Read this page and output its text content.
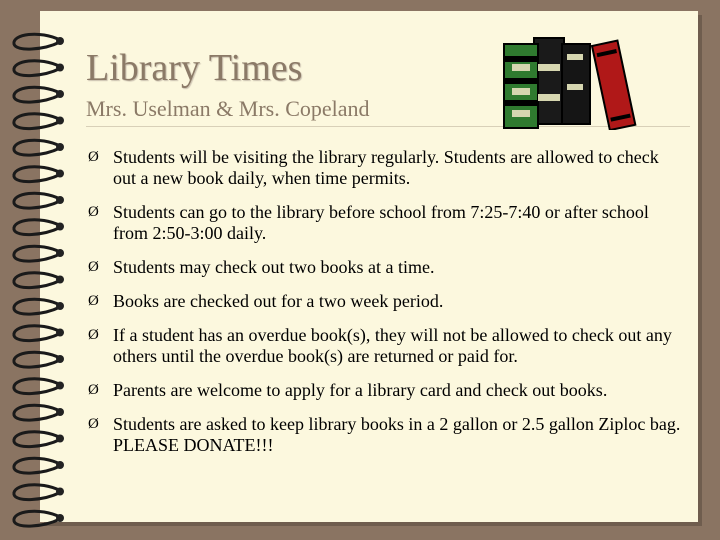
Library Times
Mrs. Uselman & Mrs. Copeland
Ø Students will be visiting the library regularly. Students are allowed to check out a new book daily, when time permits.
Ø Students can go to the library before school from 7:25-7:40 or after school from 2:50-3:00 daily.
Ø Students may check out two books at a time.
Ø Books are checked out for a two week period.
Ø If a student has an overdue book(s), they will not be allowed to check out any others until the overdue book(s) are returned or paid for.
Ø Parents are welcome to apply for a library card and check out books.
Ø Students are asked to keep library books in a 2 gallon or 2.5 gallon Ziploc bag. PLEASE DONATE!!!
